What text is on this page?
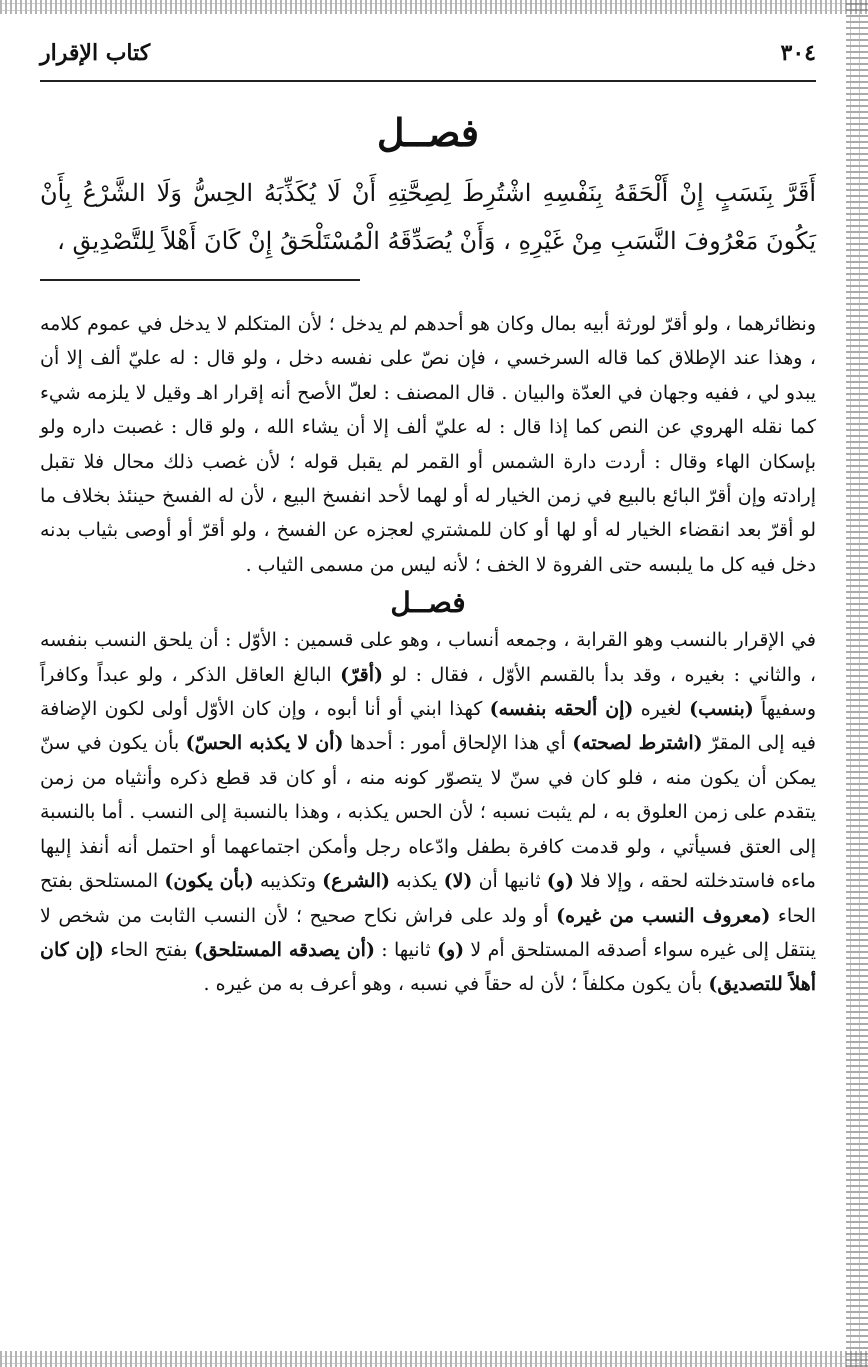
٣٠٤
كتاب الإقرار
فصــل

أَقَرَّ بِنَسَبٍ إِنْ أَلْحَقَهُ بِنَفْسِهِ اشْتُرِطَ لِصِحَّتِهِ أَنْ لَا يُكَذِّبَهُ الحِسُّ وَلَا الشَّرْعُ بِأَنْ يَكُونَ مَعْرُوفَ النَّسَبِ مِنْ غَيْرِهِ ، وَأَنْ يُصَدِّقَهُ الْمُسْتَلْحَقُ إِنْ كَانَ أَهْلاً لِلتَّصْدِيقِ ،

ونظائرهما ، ولو أقرّ لورثة أبيه بمال وكان هو أحدهم لم يدخل ؛ لأن المتكلم لا يدخل في عموم كلامه ، وهذا عند الإطلاق كما قاله السرخسي ، فإن نصّ على نفسه دخل ، ولو قال : له عليّ ألف إلا أن يبدو لي ، ففيه وجهان في العدّة والبيان . قال المصنف : لعلّ الأصح أنه إقرار اهـ وقيل لا يلزمه شيء كما نقله الهروي عن النص كما إذا قال : له عليّ ألف إلا أن يشاء الله ، ولو قال : غصبت داره ولو بإسكان الهاء وقال : أردت دارة الشمس أو القمر لم يقبل قوله ؛ لأن غصب ذلك محال فلا تقبل إرادته وإن أقرّ البائع بالبيع في زمن الخيار له أو لهما لأحد انفسخ البيع ، لأن له الفسخ حينئذ بخلاف ما لو أقرّ بعد انقضاء الخيار له أو لها أو كان للمشتري لعجزه عن الفسخ ، ولو أقرّ أو أوصى بثياب بدنه دخل فيه كل ما يلبسه حتى الفروة لا الخف ؛ لأنه ليس من مسمى الثياب .

فصــل

في الإقرار بالنسب وهو القرابة ، وجمعه أنساب ، وهو على قسمين : الأوّل : أن يلحق النسب بنفسه ، والثاني : بغيره ، وقد بدأ بالقسم الأوّل ، فقال : لو (أقرّ) البالغ العاقل الذكر ، ولو عبداً وكافراً وسفيهاً (بنسب) لغيره (إن ألحقه بنفسه) كهذا ابني أو أنا أبوه ، وإن كان الأوّل أولى لكون الإضافة فيه إلى المقرّ (اشترط لصحته) أي هذا الإلحاق أمور : أحدها (أن لا يكذبه الحسّ) بأن يكون في سنّ يمكن أن يكون منه ، فلو كان في سنّ لا يتصوّر كونه منه ، أو كان قد قطع ذكره وأنثياه من زمن يتقدم على زمن العلوق به ، لم يثبت نسبه ؛ لأن الحس يكذبه ، وهذا بالنسبة إلى النسب . أما بالنسبة إلى العتق فسيأتي ، ولو قدمت كافرة بطفل وادّعاه رجل وأمكن اجتماعهما أو احتمل أنه أنفذ إليها ماءه فاستدخلته لحقه ، وإلا فلا (و) ثانيها أن (لا) يكذبه (الشرع) وتكذيبه (بأن يكون) المستلحق بفتح الحاء (معروف النسب من غيره) أو ولد على فراش نكاح صحيح ؛ لأن النسب الثابت من شخص لا ينتقل إلى غيره سواء أصدقه المستلحق أم لا (و) ثانيها : (أن يصدقه المستلحق) بفتح الحاء (إن كان أهلاً للتصديق) بأن يكون مكلفاً ؛ لأن له حقاً في نسبه ، وهو أعرف به من غيره .
